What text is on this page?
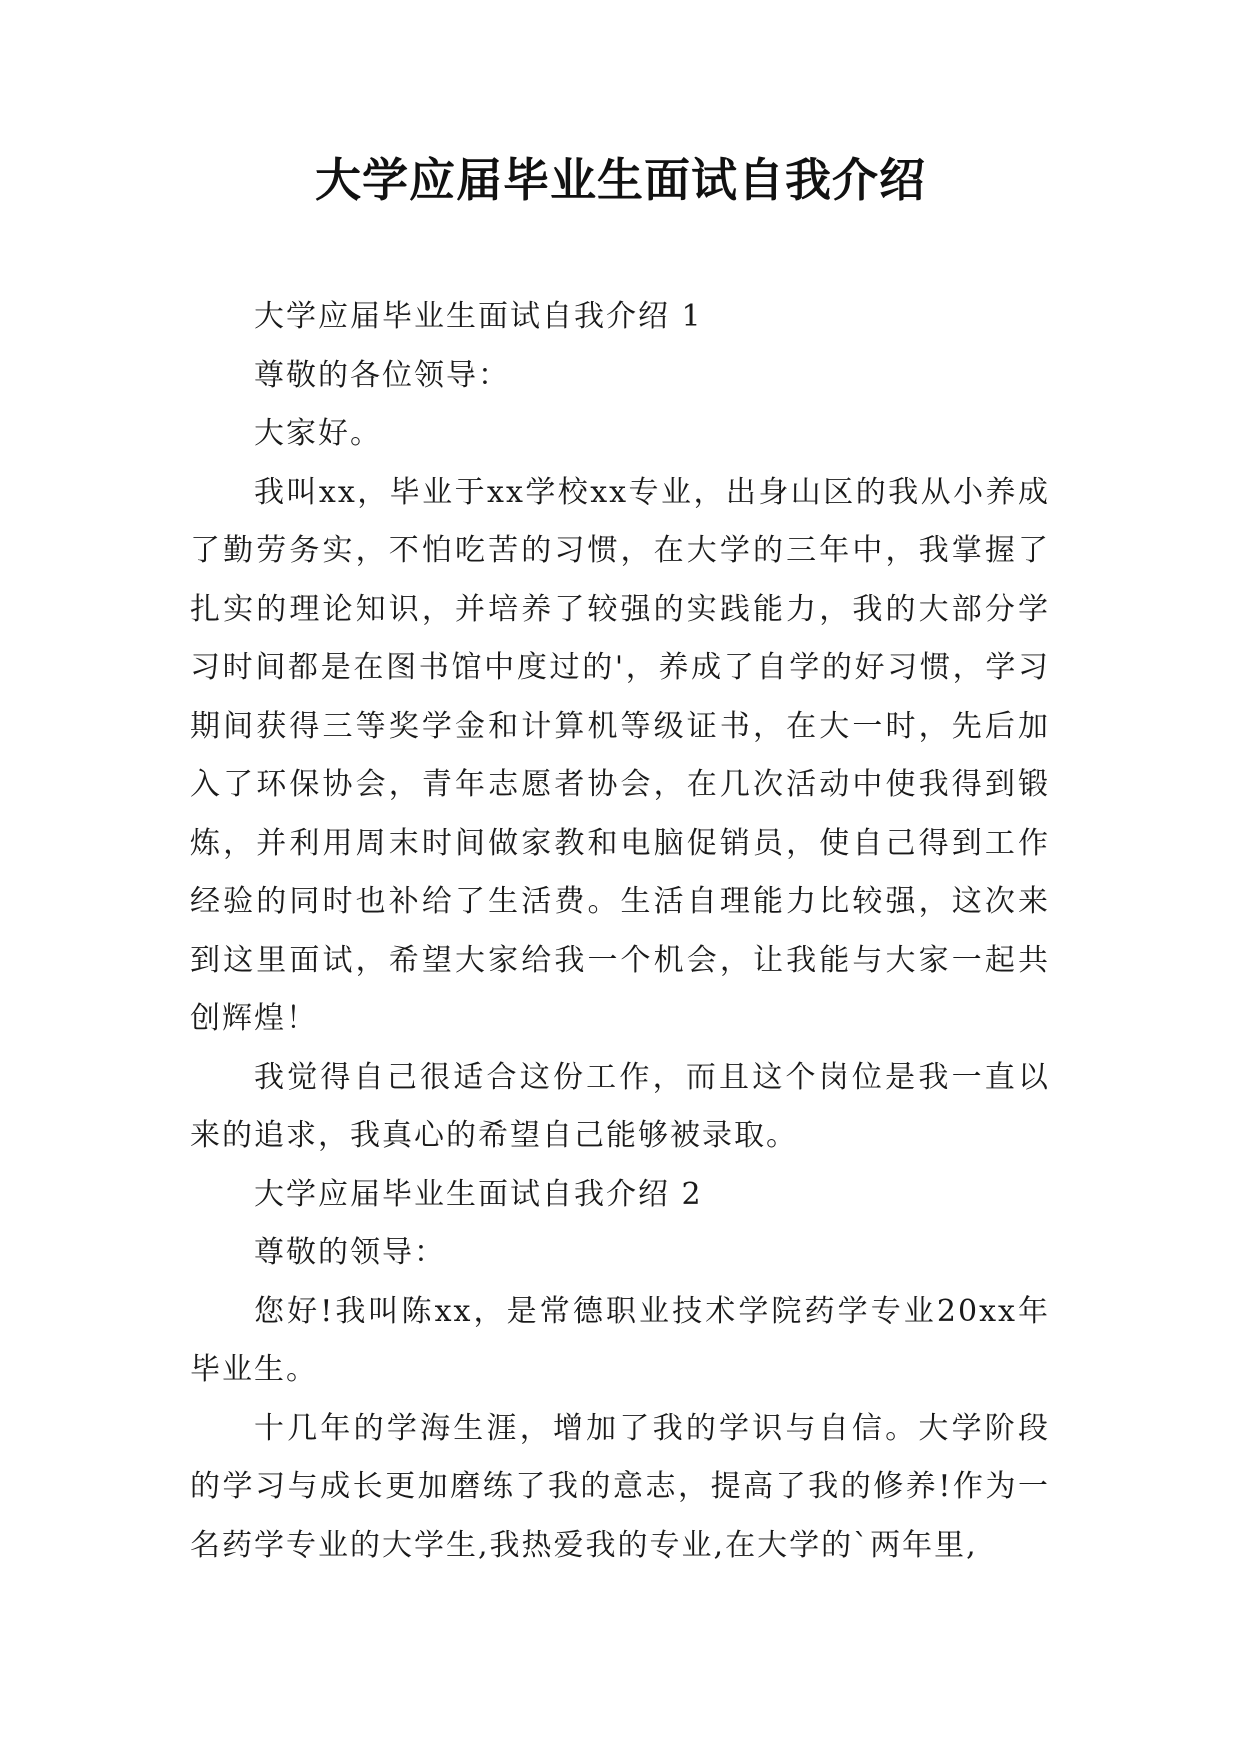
大学应届毕业生面试自我介绍

大学应届毕业生面试自我介绍 1

尊敬的各位领导：

大家好。

我叫xx，毕业于xx学校xx专业，出身山区的我从小养成了勤劳务实，不怕吃苦的习惯，在大学的三年中，我掌握了扎实的理论知识，并培养了较强的实践能力，我的大部分学习时间都是在图书馆中度过的'，养成了自学的好习惯，学习期间获得三等奖学金和计算机等级证书，在大一时，先后加入了环保协会，青年志愿者协会，在几次活动中使我得到锻炼，并利用周末时间做家教和电脑促销员，使自己得到工作经验的同时也补给了生活费。生活自理能力比较强，这次来到这里面试，希望大家给我一个机会，让我能与大家一起共创辉煌！

我觉得自己很适合这份工作，而且这个岗位是我一直以来的追求，我真心的希望自己能够被录取。

大学应届毕业生面试自我介绍 2

尊敬的领导：

您好!我叫陈xx，是常德职业技术学院药学专业20xx年毕业生。

十几年的学海生涯，增加了我的学识与自信。大学阶段的学习与成长更加磨练了我的意志，提高了我的修养!作为一名药学专业的大学生,我热爱我的专业,在大学的`两年里,
